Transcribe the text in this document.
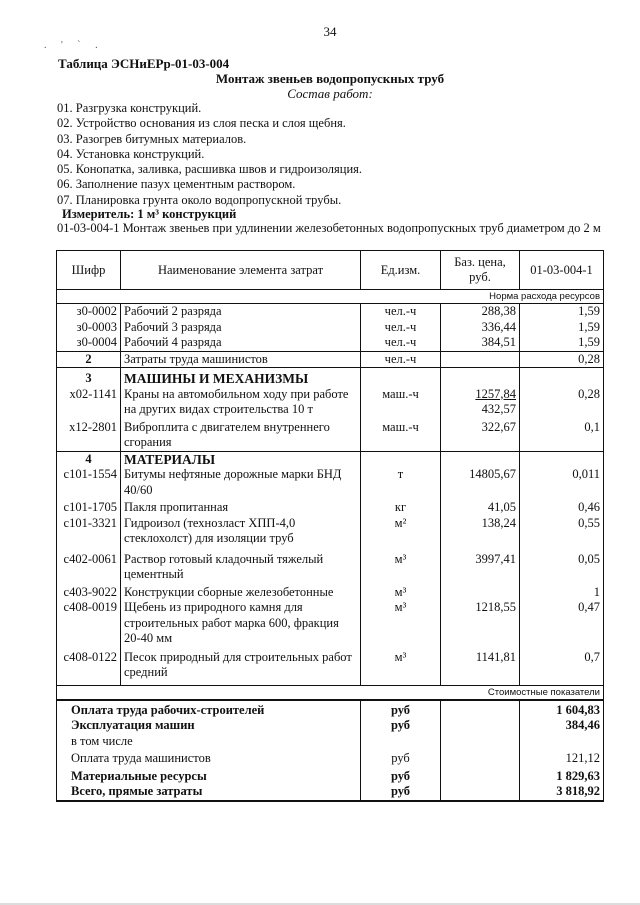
34
. ' ` .
Таблица ЭСНиЕРр-01-03-004
Монтаж звеньев водопропускных труб
Состав работ:
01. Разгрузка конструкций.
02. Устройство основания из слоя песка и слоя щебня.
03. Разогрев битумных материалов.
04. Установка конструкций.
05. Конопатка, заливка, расшивка швов и гидроизоляция.
06. Заполнение пазух цементным раствором.
07. Планировка грунта около водопропускной трубы.
Измеритель: 1 м³ конструкций
01-03-004-1 Монтаж звеньев при удлинении железобетонных водопропускных труб диаметром до 2 м
Шифр	Наименование элемента затрат	Ед.изм.	Баз. цена, руб.	01-03-004-1
Норма расхода ресурсов				
з0-0002	Рабочий 2 разряда	чел.-ч	288,38	1,59
з0-0003	Рабочий 3 разряда	чел.-ч	336,44	1,59
з0-0004	Рабочий 4 разряда	чел.-ч	384,51	1,59
2	Затраты труда машинистов	чел.-ч		0,28
3	МАШИНЫ И МЕХАНИЗМЫ			
х02-1141	Краны на автомобильном ходу при работе	маш.-ч	1257,84	0,28
	на других видах строительства 10 т		432,57	
х12-2801	Виброплита с двигателем внутреннего	маш.-ч	322,67	0,1
	сгорания			
4	МАТЕРИАЛЫ			
с101-1554	Битумы нефтяные дорожные марки БНД	т	14805,67	0,011
	40/60			
с101-1705	Пакля пропитанная	кг	41,05	0,46
с101-3321	Гидроизол (технозласт ХПП-4,0	м²	138,24	0,55
	стеклохолст) для изоляции труб			
с402-0061	Раствор готовый кладочный тяжелый	м³	3997,41	0,05
	цементный			
с403-9022	Конструкции сборные железобетонные	м³		1
с408-0019	Щебень из природного камня для	м³	1218,55	0,47
	строительных работ марка 600, фракция			
	20-40 мм			
с408-0122	Песок природный для строительных работ	м³	1141,81	0,7
	средний			

Стоимостные показатели				
Оплата труда рабочих-строителей		руб		1 604,83
Эксплуатация машин		руб		384,46
в том числе				
Оплата труда машинистов		руб		121,12
Материальные ресурсы		руб		1 829,63
Всего, прямые затраты		руб		3 818,92
